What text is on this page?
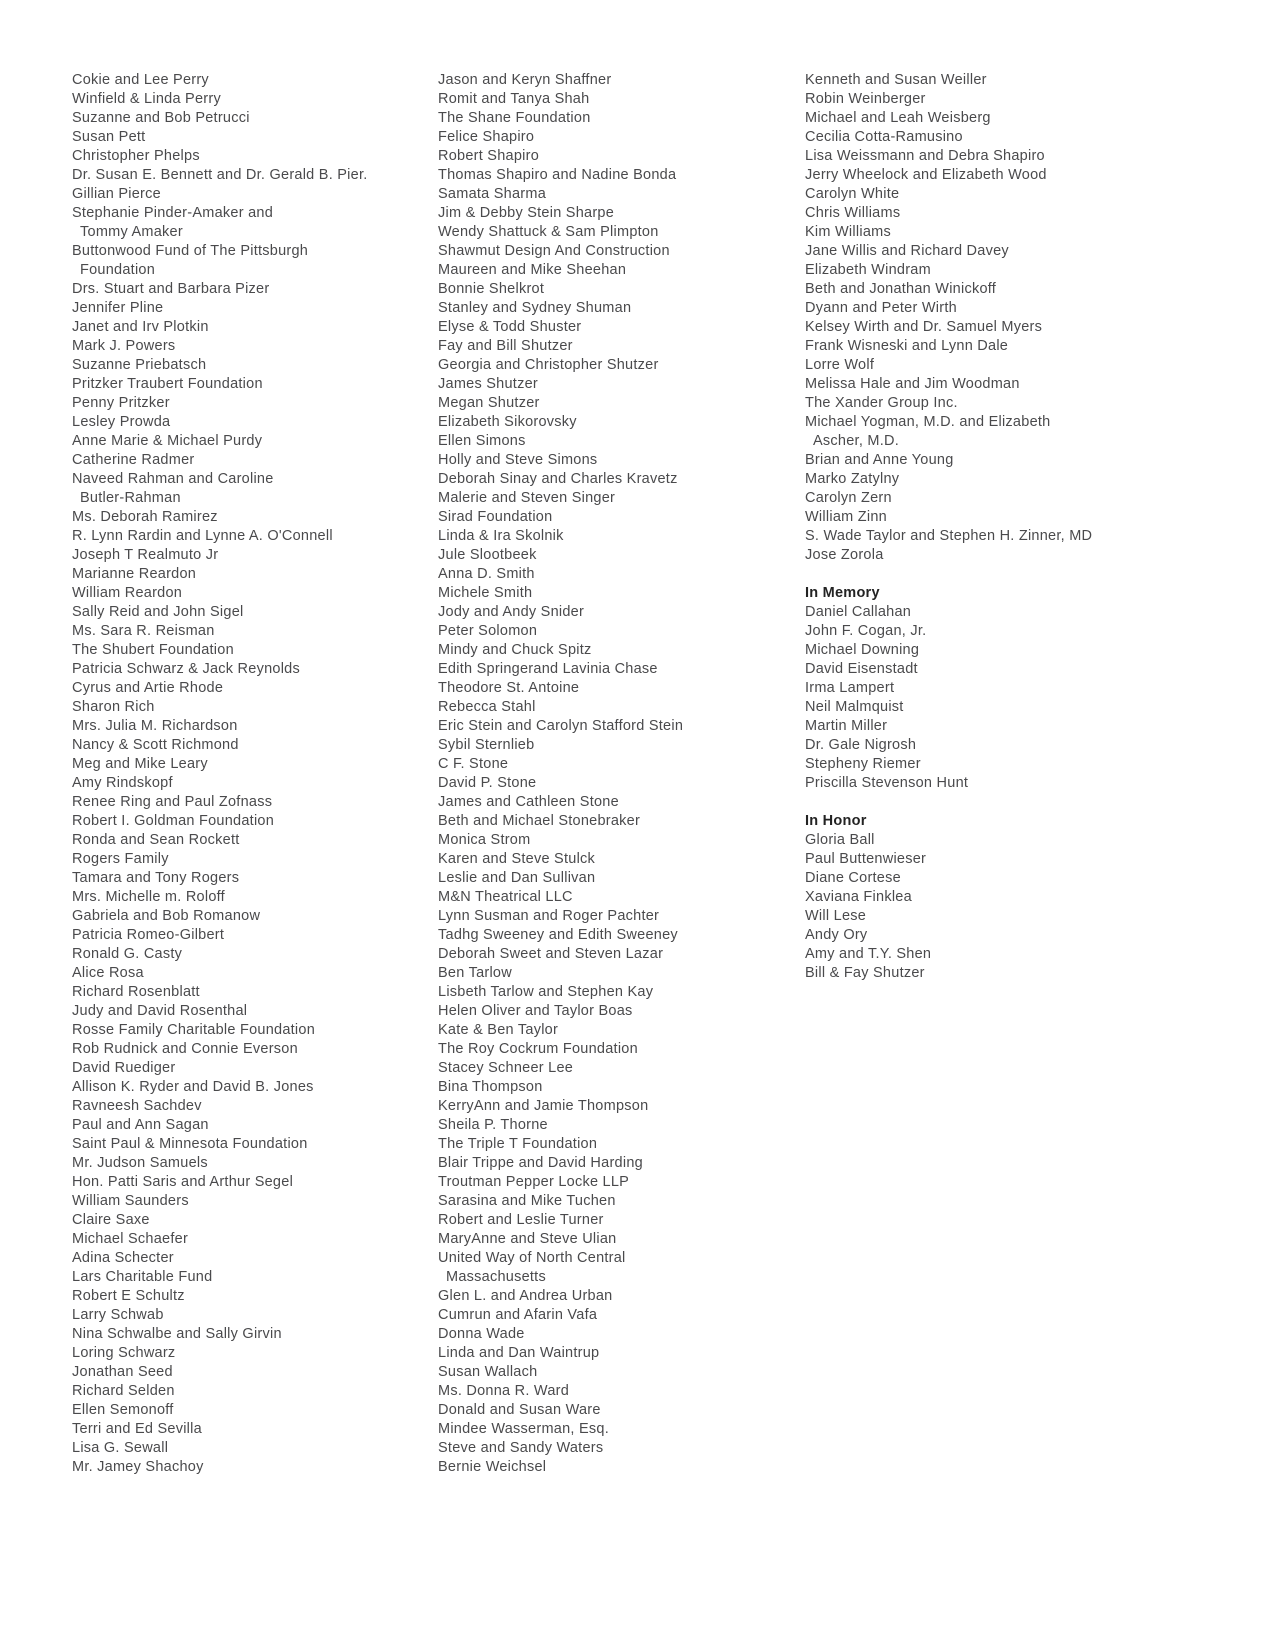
Cokie and Lee Perry
Winfield & Linda Perry
Suzanne and Bob Petrucci
Susan Pett
Christopher Phelps
Dr. Susan E. Bennett and Dr. Gerald B. Pier.
Gillian Pierce
Stephanie Pinder-Amaker and
Tommy Amaker
Buttonwood Fund of The Pittsburgh
Foundation
Drs. Stuart and Barbara Pizer
Jennifer Pline
Janet and Irv Plotkin
Mark J. Powers
Suzanne Priebatsch
Pritzker Traubert Foundation
Penny Pritzker
Lesley Prowda
Anne Marie & Michael Purdy
Catherine Radmer
Naveed Rahman and Caroline
Butler-Rahman
Ms. Deborah Ramirez
R. Lynn Rardin and Lynne A. O'Connell
Joseph T Realmuto Jr
Marianne Reardon
William Reardon
Sally Reid and John Sigel
Ms. Sara R. Reisman
The Shubert Foundation
Patricia Schwarz & Jack Reynolds
Cyrus and Artie Rhode
Sharon Rich
Mrs. Julia M. Richardson
Nancy & Scott Richmond
Meg and Mike Leary
Amy Rindskopf
Renee Ring and Paul Zofnass
Robert I. Goldman Foundation
Ronda and Sean Rockett
Rogers Family
Tamara and Tony Rogers
Mrs. Michelle m. Roloff
Gabriela and Bob Romanow
Patricia Romeo-Gilbert
Ronald G. Casty
Alice Rosa
Richard Rosenblatt
Judy and David Rosenthal
Rosse Family Charitable Foundation
Rob Rudnick and Connie Everson
David Ruediger
Allison K. Ryder and David B. Jones
Ravneesh Sachdev
Paul and Ann Sagan
Saint Paul & Minnesota Foundation
Mr. Judson Samuels
Hon. Patti Saris and Arthur Segel
William Saunders
Claire Saxe
Michael Schaefer
Adina Schecter
Lars Charitable Fund
Robert E Schultz
Larry Schwab
Nina Schwalbe and Sally Girvin
Loring Schwarz
Jonathan Seed
Richard Selden
Ellen Semonoff
Terri and Ed Sevilla
Lisa G. Sewall
Mr. Jamey Shachoy
Jason and Keryn Shaffner
Romit and Tanya Shah
The Shane Foundation
Felice Shapiro
Robert Shapiro
Thomas Shapiro and Nadine Bonda
Samata Sharma
Jim & Debby Stein Sharpe
Wendy Shattuck & Sam Plimpton
Shawmut Design And Construction
Maureen and Mike Sheehan
Bonnie Shelkrot
Stanley and Sydney Shuman
Elyse & Todd Shuster
Fay and Bill Shutzer
Georgia and Christopher Shutzer
James Shutzer
Megan Shutzer
Elizabeth Sikorovsky
Ellen Simons
Holly and Steve Simons
Deborah Sinay and Charles Kravetz
Malerie and Steven Singer
Sirad Foundation
Linda & Ira Skolnik
Jule Slootbeek
Anna D. Smith
Michele Smith
Jody and Andy Snider
Peter Solomon
Mindy and Chuck Spitz
Edith Springerand Lavinia Chase
Theodore St. Antoine
Rebecca Stahl
Eric Stein and Carolyn Stafford Stein
Sybil Sternlieb
C F. Stone
David P. Stone
James and Cathleen Stone
Beth and Michael Stonebraker
Monica Strom
Karen and Steve Stulck
Leslie and Dan Sullivan
M&N Theatrical LLC
Lynn Susman and Roger Pachter
Tadhg Sweeney and Edith Sweeney
Deborah Sweet and Steven Lazar
Ben Tarlow
Lisbeth Tarlow and Stephen Kay
Helen Oliver and Taylor Boas
Kate & Ben Taylor
The Roy Cockrum Foundation
Stacey Schneer Lee
Bina Thompson
KerryAnn and Jamie Thompson
Sheila P. Thorne
The Triple T Foundation
Blair Trippe and David Harding
Troutman Pepper Locke LLP
Sarasina and Mike Tuchen
Robert and Leslie Turner
MaryAnne and Steve Ulian
United Way of North Central
Massachusetts
Glen L. and Andrea Urban
Cumrun and Afarin Vafa
Donna Wade
Linda and Dan Waintrup
Susan Wallach
Ms. Donna R. Ward
Donald and Susan Ware
Mindee Wasserman, Esq.
Steve and Sandy Waters
Bernie Weichsel
Kenneth and Susan Weiller
Robin Weinberger
Michael and Leah Weisberg
Cecilia Cotta-Ramusino
Lisa Weissmann and Debra Shapiro
Jerry Wheelock and Elizabeth Wood
Carolyn White
Chris Williams
Kim Williams
Jane Willis and Richard Davey
Elizabeth Windram
Beth and Jonathan Winickoff
Dyann and Peter Wirth
Kelsey Wirth and Dr. Samuel Myers
Frank Wisneski and Lynn Dale
Lorre Wolf
Melissa Hale and Jim Woodman
The Xander Group Inc.
Michael Yogman, M.D. and Elizabeth
Ascher, M.D.
Brian and Anne Young
Marko Zatylny
Carolyn Zern
William Zinn
S. Wade Taylor and Stephen H. Zinner, MD
Jose Zorola

In Memory
Daniel Callahan
John F. Cogan, Jr.
Michael Downing
David Eisenstadt
Irma Lampert
Neil Malmquist
Martin Miller
Dr. Gale Nigrosh
Stepheny Riemer
Priscilla Stevenson Hunt

In Honor
Gloria Ball
Paul Buttenwieser
Diane Cortese
Xaviana Finklea
Will Lese
Andy Ory
Amy and T.Y. Shen
Bill & Fay Shutzer
